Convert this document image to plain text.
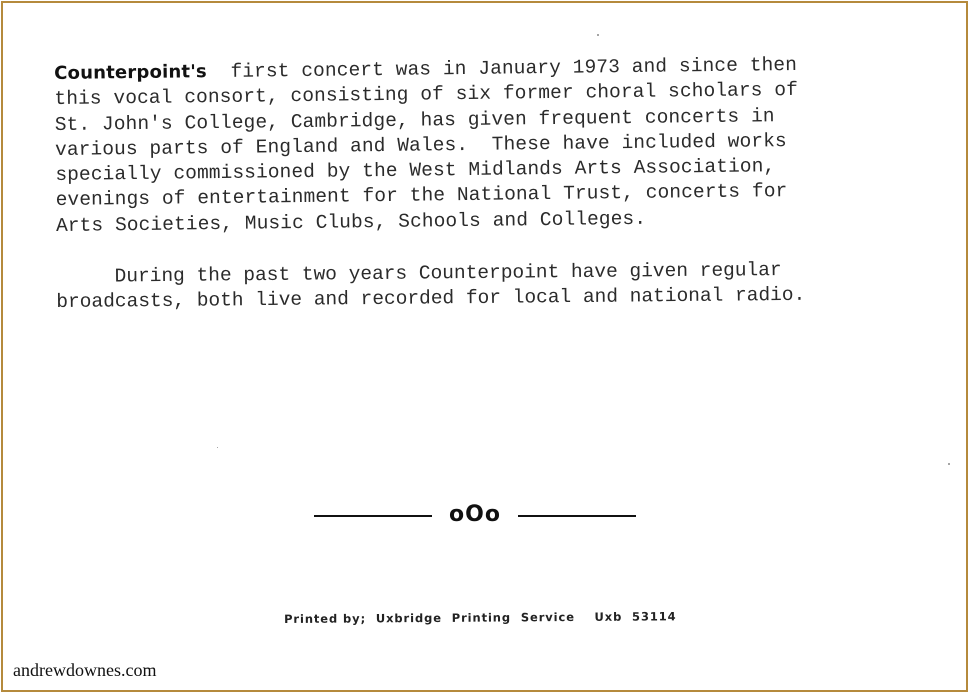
Counterpoint's  first concert was in January 1973 and since then
this vocal consort, consisting of six former choral scholars of
St. John's College, Cambridge, has given frequent concerts in
various parts of England and Wales.  These have included works
specially commissioned by the West Midlands Arts Association,
evenings of entertainment for the National Trust, concerts for
Arts Societies, Music Clubs, Schools and Colleges.
During the past two years Counterpoint have given regular
broadcasts, both live and recorded for local and national radio.
oOo
Printed by;  Uxbridge  Printing  Service    Uxb  53114
andrewdownes.com
